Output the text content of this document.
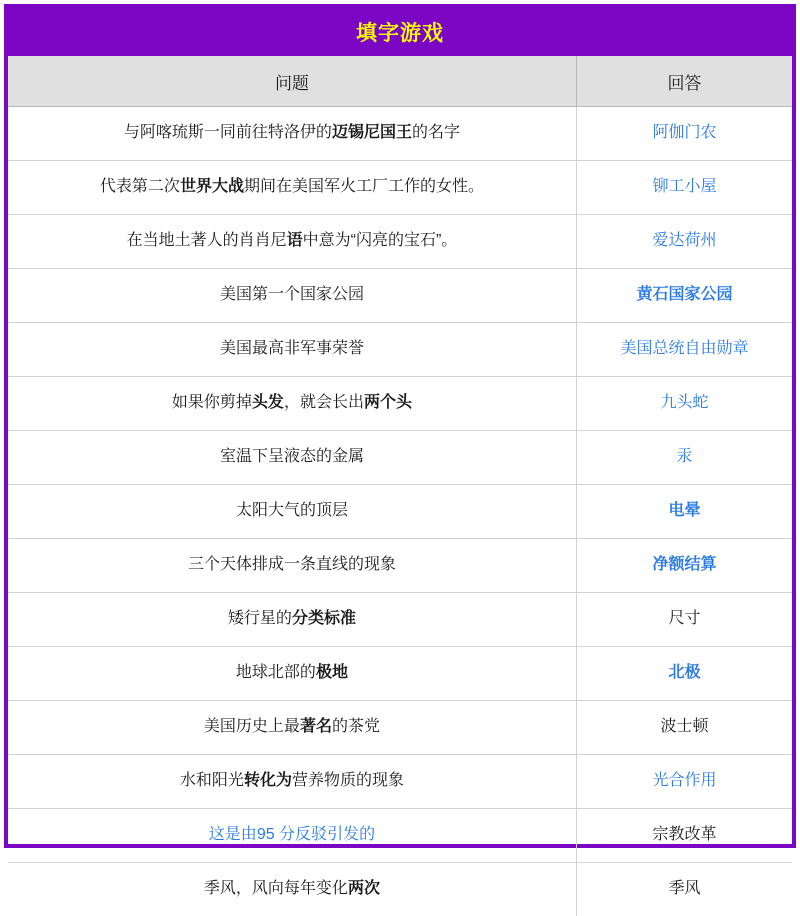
填字游戏
问题	回答
与阿喀琉斯一同前往特洛伊的迈锡尼国王的名字	阿伽门农
代表第二次世界大战期间在美国军火工厂工作的女性。	铆工小屋
在当地土著人的肖肖尼语中意为“闪亮的宝石”。	爱达荷州
美国第一个国家公园	黄石国家公园
美国最高非军事荣誉	美国总统自由勋章
如果你剪掉头发，就会长出两个头	九头蛇
室温下呈液态的金属	汞
太阳大气的顶层	电晕
三个天体排成一条直线的现象	净额结算
矮行星的分类标准	尺寸
地球北部的极地	北极
美国历史上最著名的茶党	波士顿
水和阳光转化为营养物质的现象	光合作用
这是由95 分反驳引发的	宗教改革
季风，风向每年变化两次	季风
